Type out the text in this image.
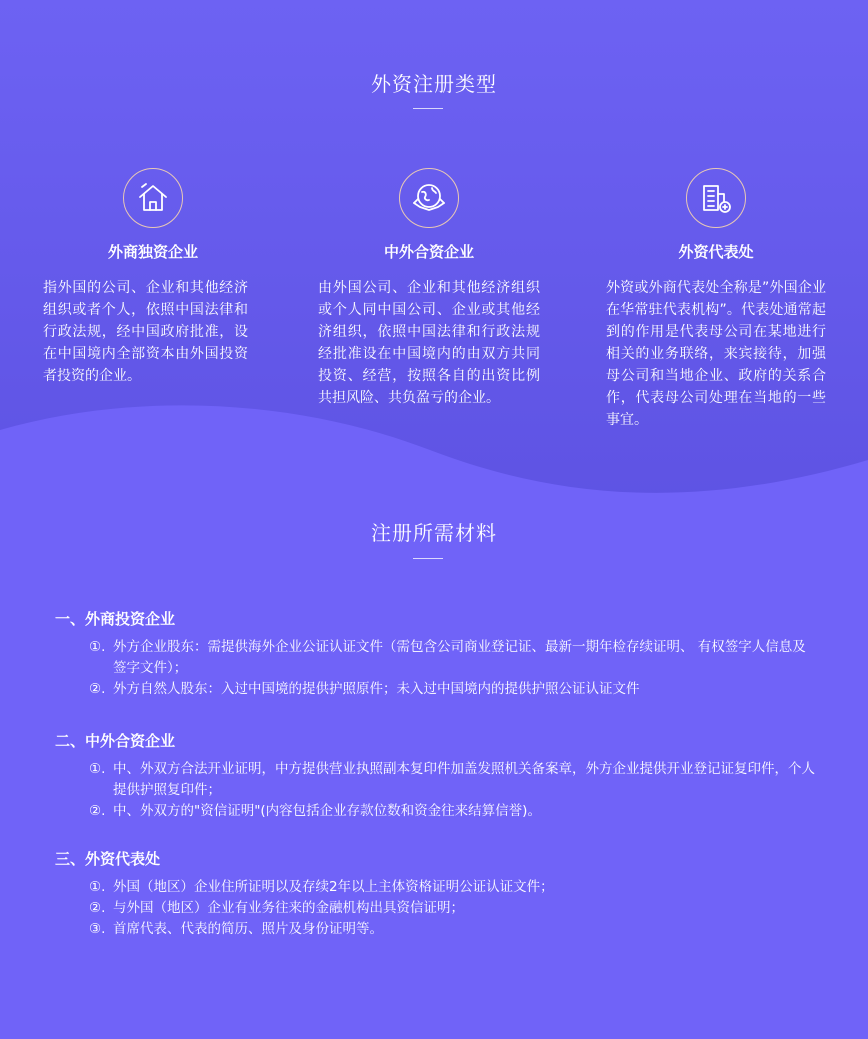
外资注册类型
外商独资企业
指外国的公司、企业和其他经济组织或者个人，依照中国法律和行政法规，经中国政府批准，设在中国境内全部资本由外国投资者投资的企业。
中外合资企业
由外国公司、企业和其他经济组织或个人同中国公司、企业或其他经济组织，依照中国法律和行政法规经批准设在中国境内的由双方共同投资、经营，按照各自的出资比例共担风险、共负盈亏的企业。
外资代表处
外资或外商代表处全称是”外国企业在华常驻代表机构”。代表处通常起到的作用是代表母公司在某地进行相关的业务联络，来宾接待，加强母公司和当地企业、政府的关系合作，代表母公司处理在当地的一些事宜。
注册所需材料
一、外商投资企业
①. 外方企业股东：需提供海外企业公证认证文件（需包含公司商业登记证、最新一期年检存续证明、 有权签字人信息及签字文件）；
②. 外方自然人股东：入过中国境的提供护照原件；未入过中国境内的提供护照公证认证文件
二、中外合资企业
①. 中、外双方合法开业证明，中方提供营业执照副本复印件加盖发照机关备案章，外方企业提供开业登记证复印件，个人提供护照复印件；
②. 中、外双方的"资信证明"(内容包括企业存款位数和资金往来结算信誉)。
三、外资代表处
①. 外国（地区）企业住所证明以及存续2年以上主体资格证明公证认证文件；
②. 与外国（地区）企业有业务往来的金融机构出具资信证明；
③. 首席代表、代表的简历、照片及身份证明等。
